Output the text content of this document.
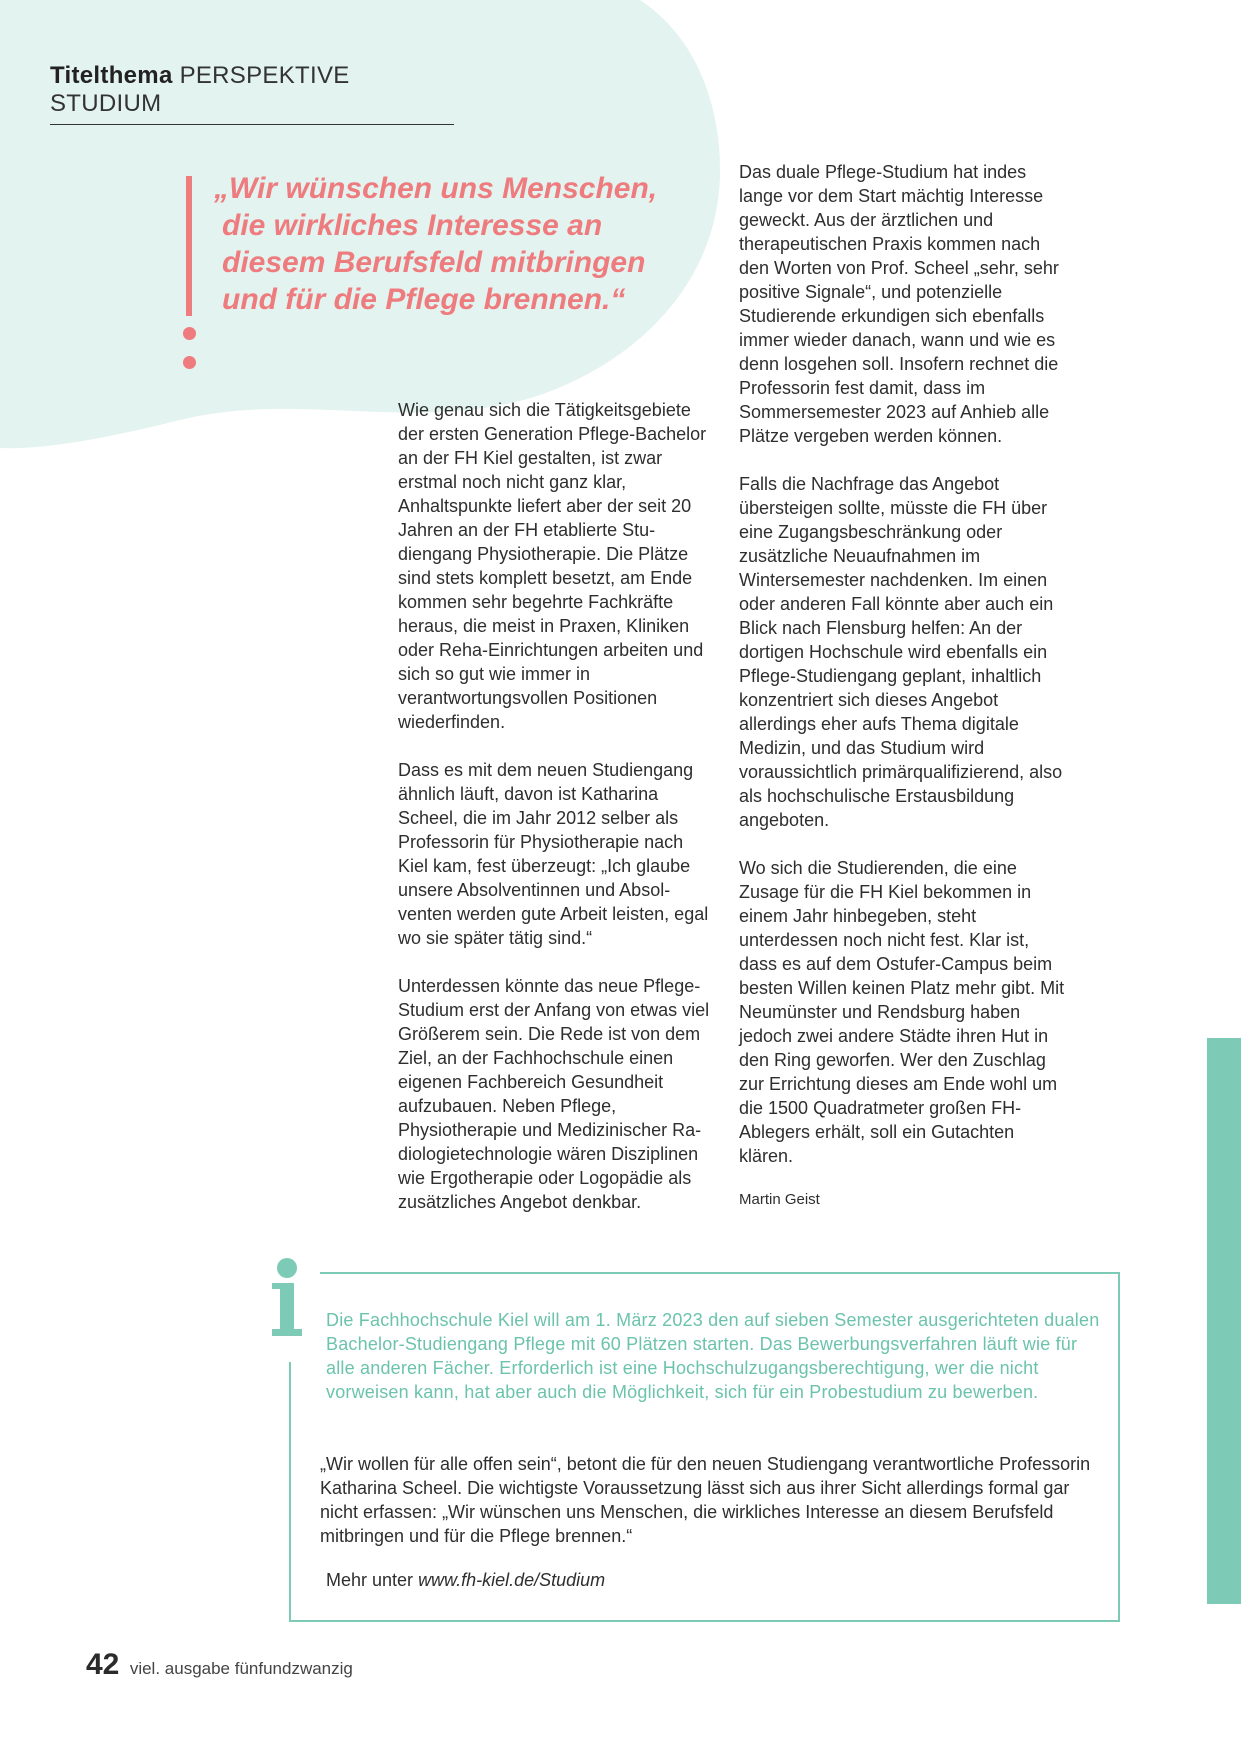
Titelthema PERSPEKTIVE STUDIUM
„Wir wünschen uns Menschen,
die wirkliches Interesse an
diesem Berufsfeld mitbringen
und für die Pflege brennen.“

Wie genau sich die Tätigkeitsgebiete der ersten Generation Pflege-Bachelor an der FH Kiel gestalten, ist zwar erstmal noch nicht ganz klar, Anhaltspunkte liefert aber der seit 20 Jahren an der FH etablierte Studiengang Physiotherapie. Die Plätze sind stets komplett besetzt, am Ende kommen sehr begehrte Fachkräfte heraus, die meist in Praxen, Kliniken oder Reha-Einrichtungen arbeiten und sich so gut wie immer in verantwortungsvollen Positionen wiederfinden.

Dass es mit dem neuen Studiengang ähnlich läuft, davon ist Katharina Scheel, die im Jahr 2012 selber als Professorin für Physiotherapie nach Kiel kam, fest überzeugt: „Ich glaube unsere Absolventinnen und Absolventen werden gute Arbeit leisten, egal wo sie später tätig sind.“

Unterdessen könnte das neue Pflege-Studium erst der Anfang von etwas viel Größerem sein. Die Rede ist von dem Ziel, an der Fachhochschule einen eigenen Fachbereich Gesundheit aufzubauen. Neben Pflege, Physiotherapie und Medizinischer Radiologietechnologie wären Disziplinen wie Ergotherapie oder Logopädie als zusätzliches Angebot denkbar.

Das duale Pflege-Studium hat indes lange vor dem Start mächtig Interesse geweckt. Aus der ärztlichen und therapeutischen Praxis kommen nach den Worten von Prof. Scheel „sehr, sehr positive Signale“, und potenzielle Studierende erkundigen sich ebenfalls immer wieder danach, wann und wie es denn losgehen soll. Insofern rechnet die Professorin fest damit, dass im Sommersemester 2023 auf Anhieb alle Plätze vergeben werden können.

Falls die Nachfrage das Angebot übersteigen sollte, müsste die FH über eine Zugangsbeschränkung oder zusätzliche Neuaufnahmen im Wintersemester nachdenken. Im einen oder anderen Fall könnte aber auch ein Blick nach Flensburg helfen: An der dortigen Hochschule wird ebenfalls ein Pflege-Studiengang geplant, inhaltlich konzentriert sich dieses Angebot allerdings eher aufs Thema digitale Medizin, und das Studium wird voraussichtlich primärqualifizierend, also als hochschulische Erstausbildung angeboten.

Wo sich die Studierenden, die eine Zusage für die FH Kiel bekommen in einem Jahr hinbegeben, steht unterdessen noch nicht fest. Klar ist, dass es auf dem Ostufer-Campus beim besten Willen keinen Platz mehr gibt. Mit Neumünster und Rendsburg haben jedoch zwei andere Städte ihren Hut in den Ring geworfen. Wer den Zuschlag zur Errichtung dieses am Ende wohl um die 1500 Quadratmeter großen FH-Ablegers erhält, soll ein Gutachten klären.

Martin Geist
Die Fachhochschule Kiel will am 1. März 2023 den auf sieben Semester ausgerichteten dualen Bachelor-Studiengang Pflege mit 60 Plätzen starten. Das Bewerbungsverfahren läuft wie für alle anderen Fächer. Erforderlich ist eine Hochschulzugangsberechtigung, wer die nicht vorweisen kann, hat aber auch die Möglichkeit, sich für ein Probestudium zu bewerben.
„Wir wollen für alle offen sein“, betont die für den neuen Studiengang verantwortliche Professorin Katharina Scheel. Die wichtigste Voraussetzung lässt sich aus ihrer Sicht allerdings formal gar nicht erfassen: „Wir wünschen uns Menschen, die wirkliches Interesse an diesem Berufsfeld mitbringen und für die Pflege brennen.“
Mehr unter www.fh-kiel.de/Studium
42 viel. ausgabe fünfundzwanzig
